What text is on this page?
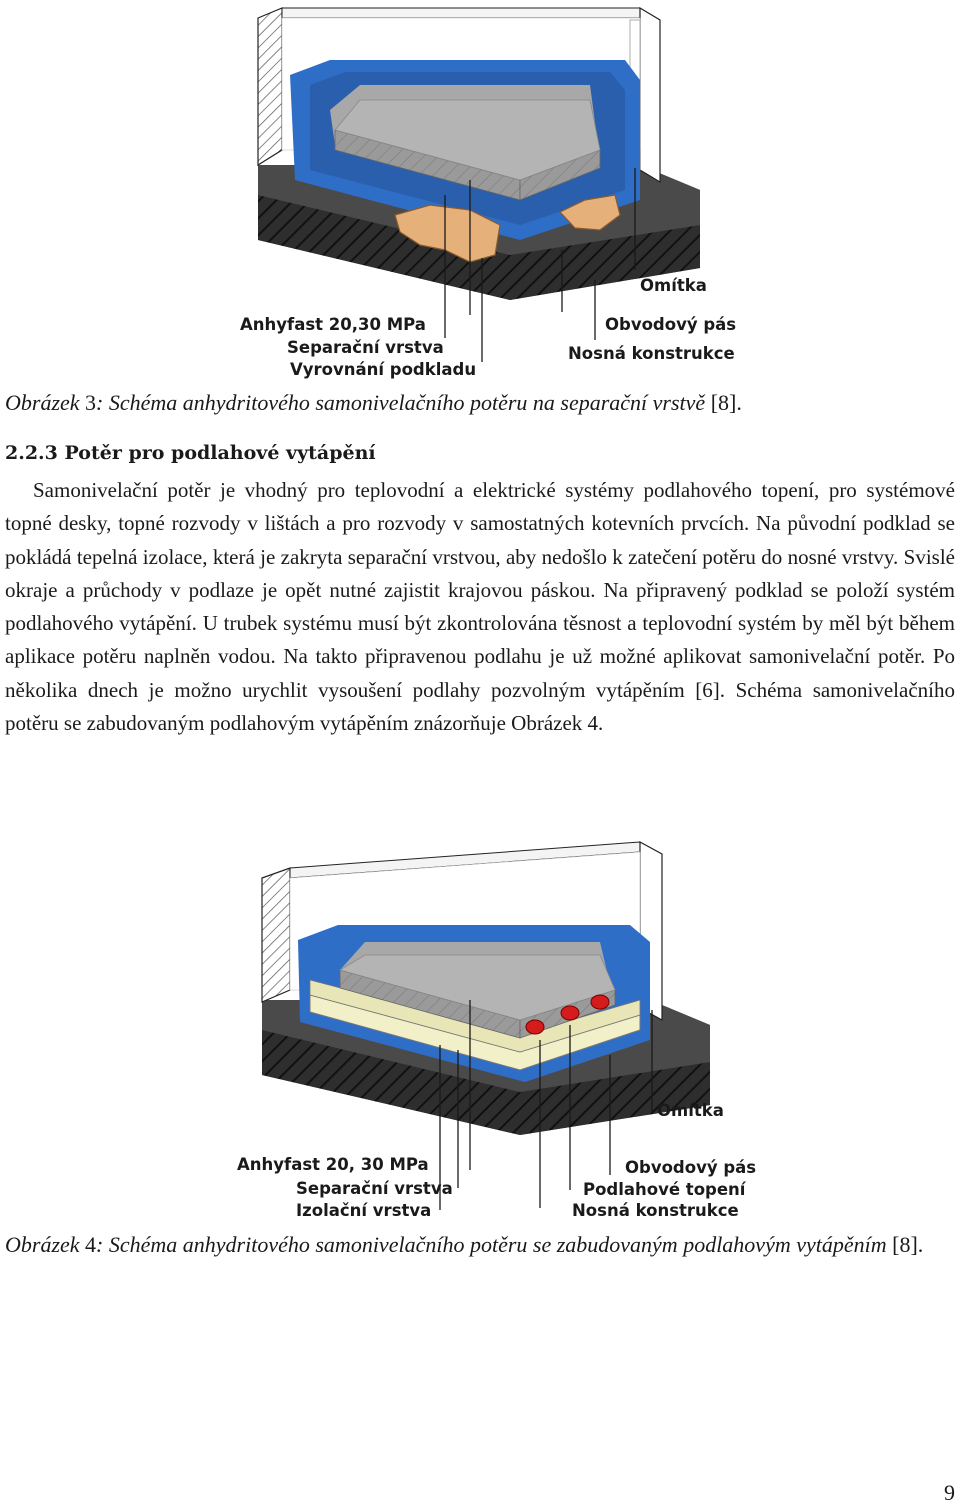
Omítka
Anhyfast 20,30 MPa	Obvodový pás
Separační vrstva	Nosná konstrukce
Vyrovnání podkladu
Obrázek 3: Schéma anhydritového samonivelačního potěru na separační vrstvě [8].
2.2.3 Potěr pro podlahové vytápění

Samonivelační potěr je vhodný pro teplovodní a elektrické systémy podlahového topení, pro systémové topné desky, topné rozvody v lištách a pro rozvody v samostatných kotevních prvcích. Na původní podklad se pokládá tepelná izolace, která je zakryta separační vrstvou, aby nedošlo k zatečení potěru do nosné vrstvy. Svislé okraje a průchody v podlaze je opět nutné zajistit krajovou páskou. Na připravený podklad se položí systém podlahového vytápění. U trubek systému musí být zkontrolována těsnost a teplovodní systém by měl být během aplikace potěru naplněn vodou. Na takto připravenou podlahu je už možné aplikovat samonivelační potěr. Po několika dnech je možno urychlit vysoušení podlahy pozvolným vytápěním [6]. Schéma samonivelačního potěru se zabudovaným podlahovým vytápěním znázorňuje Obrázek 4.

Omítka
Anhyfast 20, 30 MPa	Obvodový pás
Separační vrstva	Podlahové topení
Izolační vrstva	Nosná konstrukce
Obrázek 4: Schéma anhydritového samonivelačního potěru se zabudovaným podlahovým vytápěním [8].
9
